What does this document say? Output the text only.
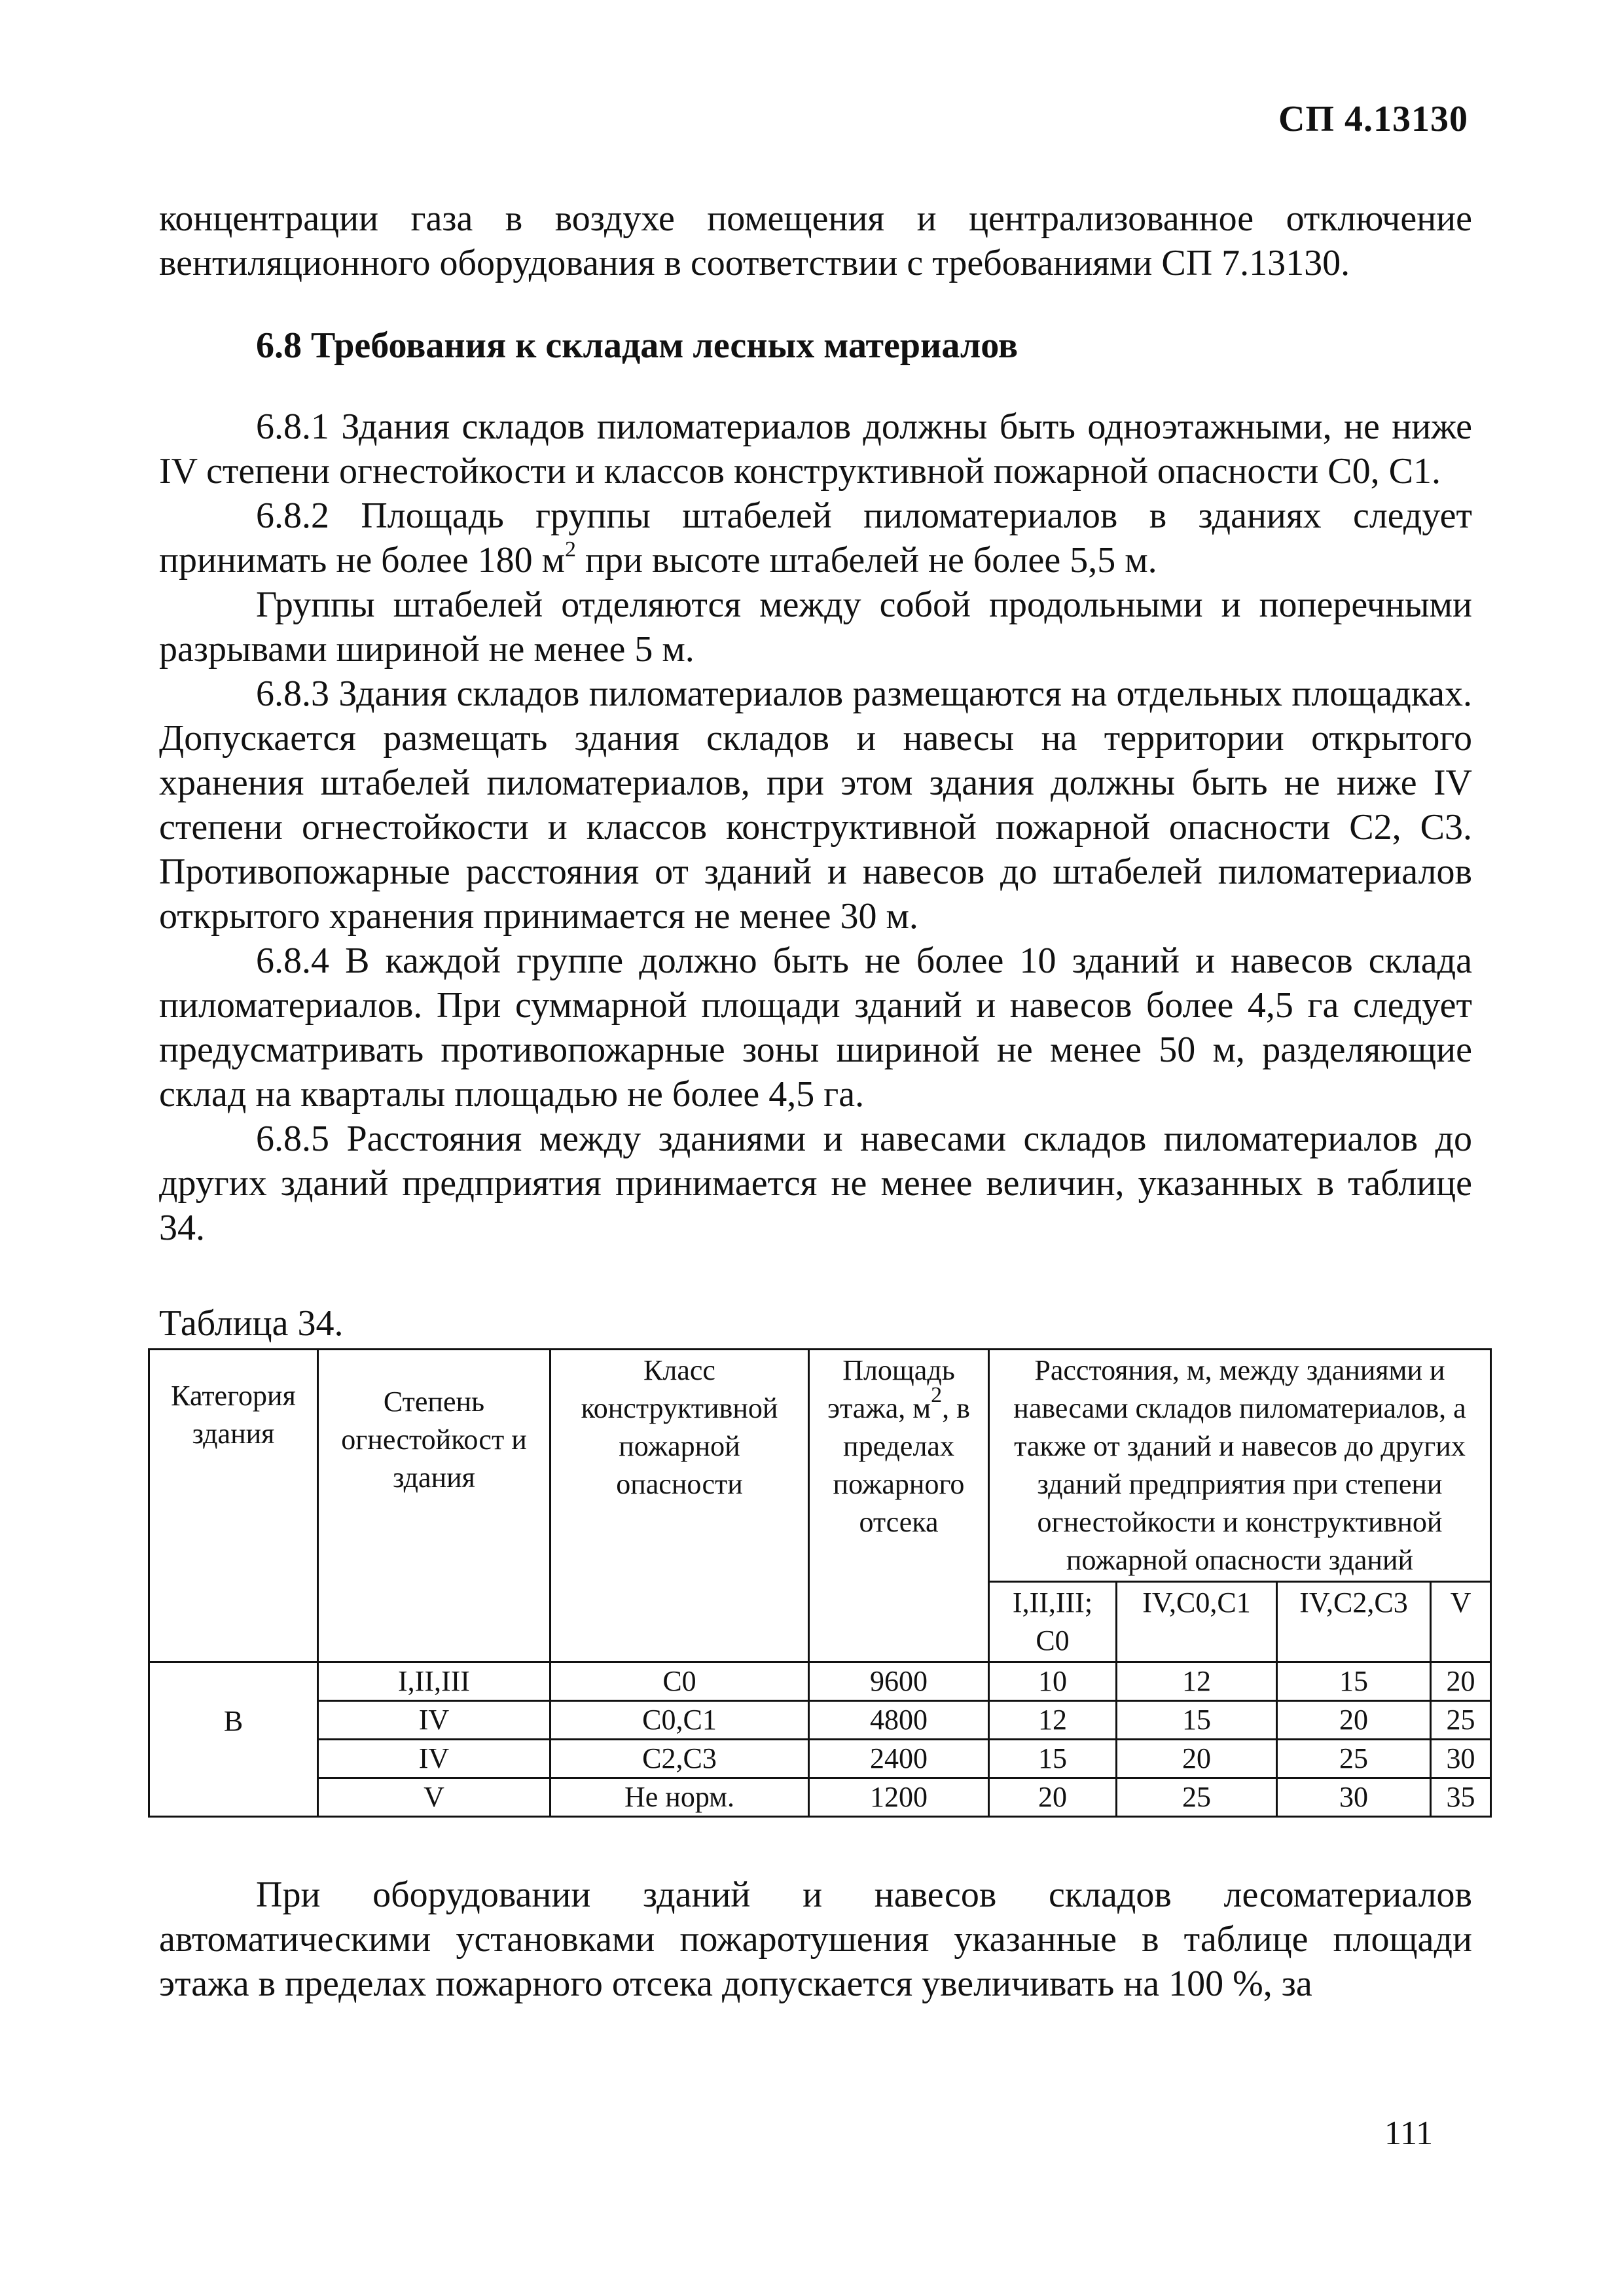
СП 4.13130

концентрации газа в воздухе помещения и централизованное отключение вентиляционного оборудования в соответствии с требованиями СП 7.13130.

6.8 Требования к складам лесных материалов

6.8.1 Здания складов пиломатериалов должны быть одноэтажными, не ниже IV степени огнестойкости и классов конструктивной пожарной опасности С0, С1.

6.8.2 Площадь группы штабелей пиломатериалов в зданиях следует принимать не более 180 $м^2$ при высоте штабелей не более 5,5 м.

Группы штабелей отделяются между собой продольными и поперечными разрывами шириной не менее 5 м.

6.8.3 Здания складов пиломатериалов размещаются на отдельных площадках. Допускается размещать здания складов и навесы на территории открытого хранения штабелей пиломатериалов, при этом здания должны быть не ниже IV степени огнестойкости и классов конструктивной пожарной опасности С2, С3. Противопожарные расстояния от зданий и навесов до штабелей пиломатериалов открытого хранения принимается не менее 30 м.

6.8.4 В каждой группе должно быть не более 10 зданий и навесов склада пиломатериалов. При суммарной площади зданий и навесов более 4,5 га следует предусматривать противопожарные зоны шириной не менее 50 м, разделяющие склад на кварталы площадью не более 4,5 га.

6.8.5 Расстояния между зданиями и навесами складов пиломатериалов до других зданий предприятия принимается не менее величин, указанных в таблице 34.

Таблица 34.

Категория здания	Степень огнестойкост и здания	Класс конструктивной пожарной опасности	Площадь этажа, $м^2$, в пределах пожарного отсека	Расстояния, м, между зданиями и навесами складов пиломатериалов, а также от зданий и навесов до других зданий предприятия при степени огнестойкости и конструктивной пожарной опасности зданий			
				I,II,III; С0	IV,С0,С1	IV,С2,С3	V
В	I,II,III	С0	9600	10	12	15	20
	IV	С0,С1	4800	12	15	20	25
	IV	С2,С3	2400	15	20	25	30
	V	Не норм.	1200	20	25	30	35

При оборудовании зданий и навесов складов лесоматериалов автоматическими установками пожаротушения указанные в таблице площади этажа в пределах пожарного отсека допускается увеличивать на 100 %, за

111
